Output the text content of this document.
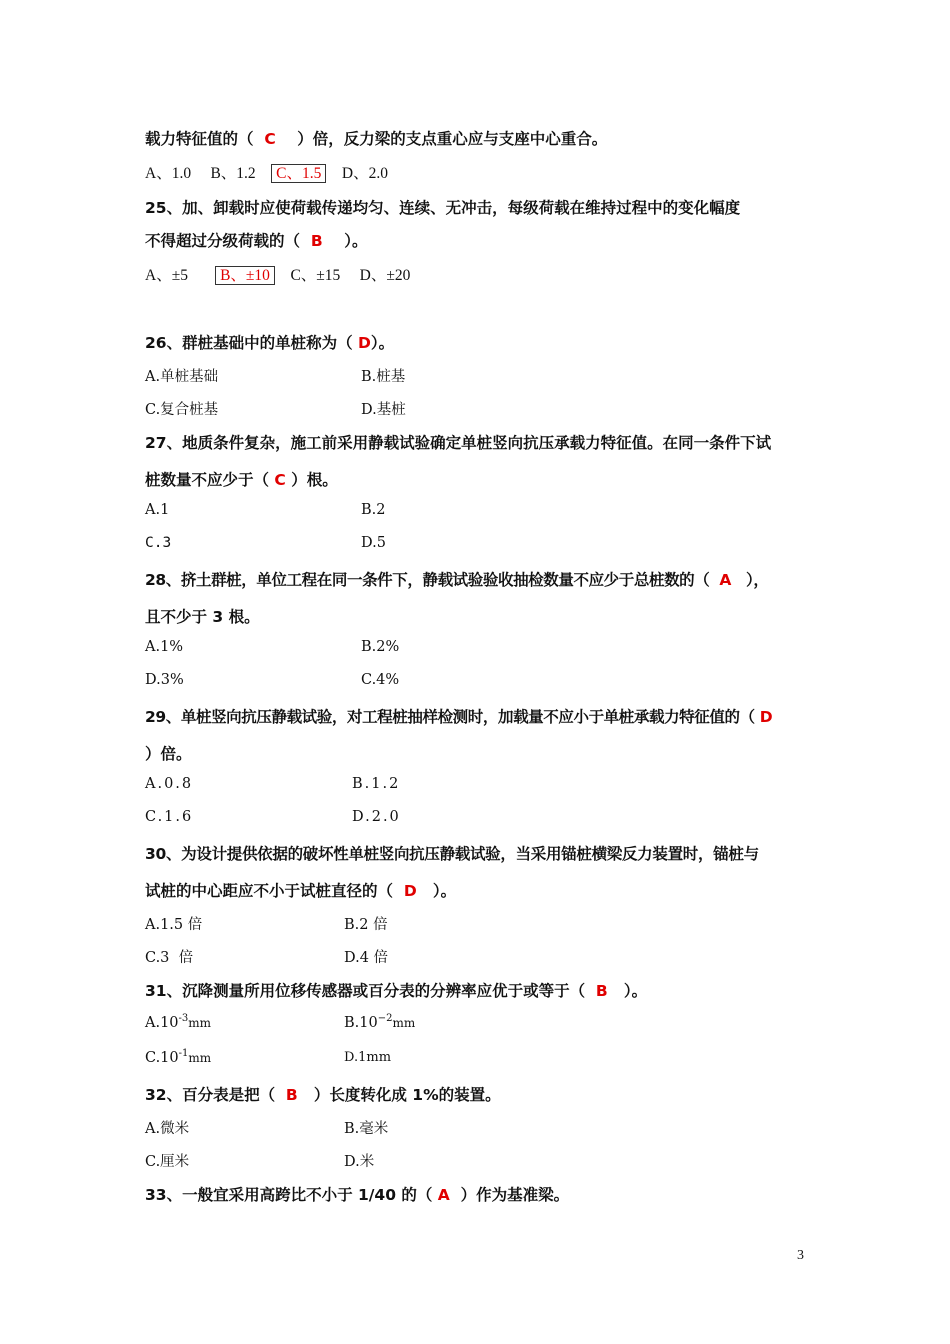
载力特征值的（ C ）倍，反力梁的支点重心应与支座中心重合。
A、1.0 B、1.2 C、1.5 D、2.0
25、加、卸载时应使荷载传递均匀、连续、无冲击，每级荷载在维持过程中的变化幅度
不得超过分级荷载的（ B ）。
A、±5 B、±10 C、±15 D、±20
26、群桩基础中的单桩称为（ D）。
A.单桩基础	B.桩基
C.复合桩基	D.基桩
27、地质条件复杂，施工前采用静载试验确定单桩竖向抗压承载力特征值。在同一条件下试
桩数量不应少于（ C ）根。
A.1	B.2
C.3	D.5
28、挤土群桩，单位工程在同一条件下，静载试验验收抽检数量不应少于总桩数的（ A ），
且不少于 3 根。
A.1%	B.2%
D.3%	C.4%
29、单桩竖向抗压静载试验，对工程桩抽样检测时，加载量不应小于单桩承载力特征值的（ D
）倍。
A.0.8	B.1.2
C.1.6	D.2.0
30、为设计提供依据的破坏性单桩竖向抗压静载试验，当采用锚桩横梁反力装置时，锚桩与
试桩的中心距应不小于试桩直径的（ D ）。
A.1.5 倍	B.2 倍
C.3  倍	D.4 倍
31、沉降测量所用位移传感器或百分表的分辨率应优于或等于（ B ）。
$A.10^{-3}mm$	$B.10^{-2}mm$
$C.10^{-1}mm$	D.1mm
32、百分表是把（ B ）长度转化成 1%的装置。
A.微米	B.毫米
C.厘米	D.米
33、一般宜采用高跨比不小于 1/40 的（ A ）作为基准梁。
3
